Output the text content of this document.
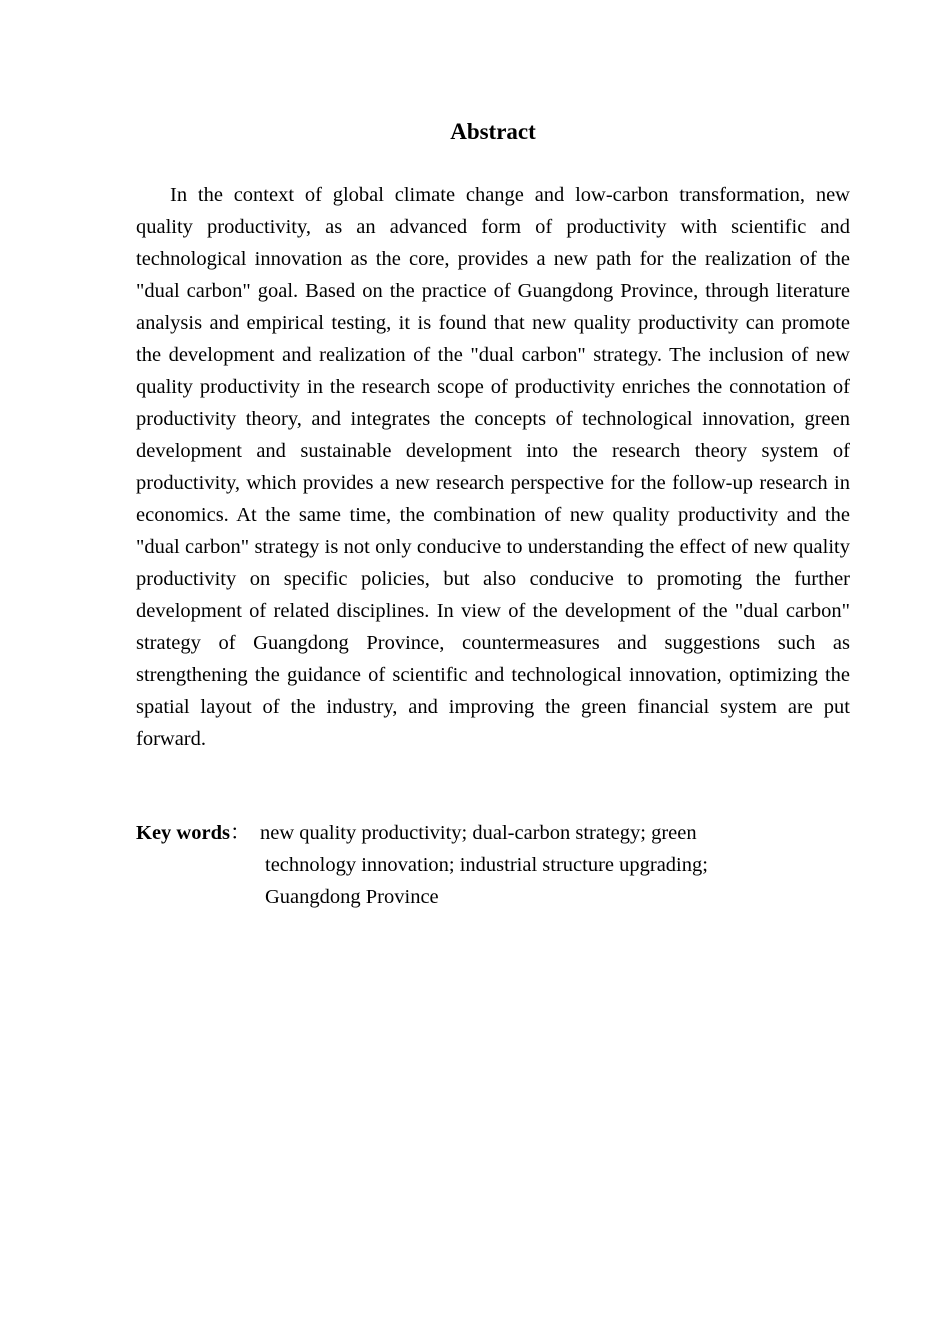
Abstract

In the context of global climate change and low-carbon transformation, new quality productivity, as an advanced form of productivity with scientific and technological innovation as the core, provides a new path for the realization of the "dual carbon" goal. Based on the practice of Guangdong Province, through literature analysis and empirical testing, it is found that new quality productivity can promote the development and realization of the "dual carbon" strategy. The inclusion of new quality productivity in the research scope of productivity enriches the connotation of productivity theory, and integrates the concepts of technological innovation, green development and sustainable development into the research theory system of productivity, which provides a new research perspective for the follow-up research in economics. At the same time, the combination of new quality productivity and the "dual carbon" strategy is not only conducive to understanding the effect of new quality productivity on specific policies, but also conducive to promoting the further development of related disciplines. In view of the development of the "dual carbon" strategy of Guangdong Province, countermeasures and suggestions such as strengthening the guidance of scientific and technological innovation, optimizing the spatial layout of the industry, and improving the green financial system are put forward.

Key words： new quality productivity; dual-carbon strategy; green
technology innovation; industrial structure upgrading;
Guangdong Province
